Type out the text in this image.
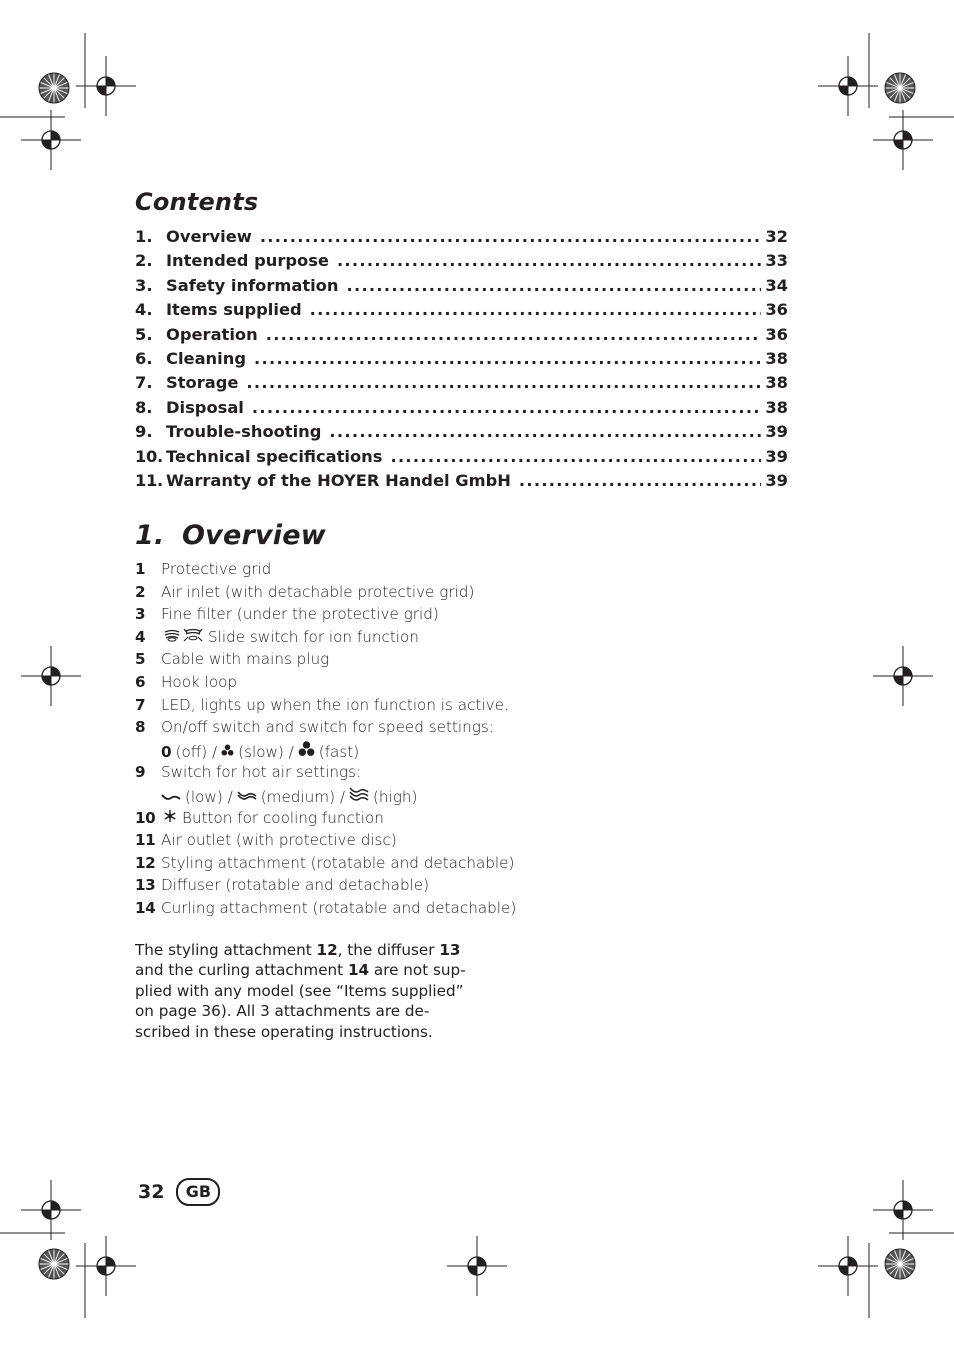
Contents
1. Overview .....	32
2. Intended purpose .....	33
3. Safety information .....	34
4. Items supplied .....	36
5. Operation .....	36
6. Cleaning .....	38
7. Storage .....	38
8. Disposal .....	38
9. Trouble-shooting .....	39
10. Technical specifications .....	39
11. Warranty of the HOYER Handel GmbH .....	39
1. Overview
1	Protective grid
2	Air inlet (with detachable protective grid)
3	Fine filter (under the protective grid)
4	Slide switch for ion function
5	Cable with mains plug
6	Hook loop
7	LED, lights up when the ion function is active.
8	On/off switch and switch for speed settings:
0 (off) / (slow) / (fast)
9	Switch for hot air settings:
(low) / (medium) / (high)
10	Button for cooling function
11 Air outlet (with protective disc)
12 Styling attachment (rotatable and detachable)
13 Diffuser (rotatable and detachable)
14 Curling attachment (rotatable and detachable)
The styling attachment 12, the diffuser 13
and the curling attachment 14 are not sup-
plied with any model (see “Items supplied”
on page 36). All 3 attachments are de-
scribed in these operating instructions.
32	GB
